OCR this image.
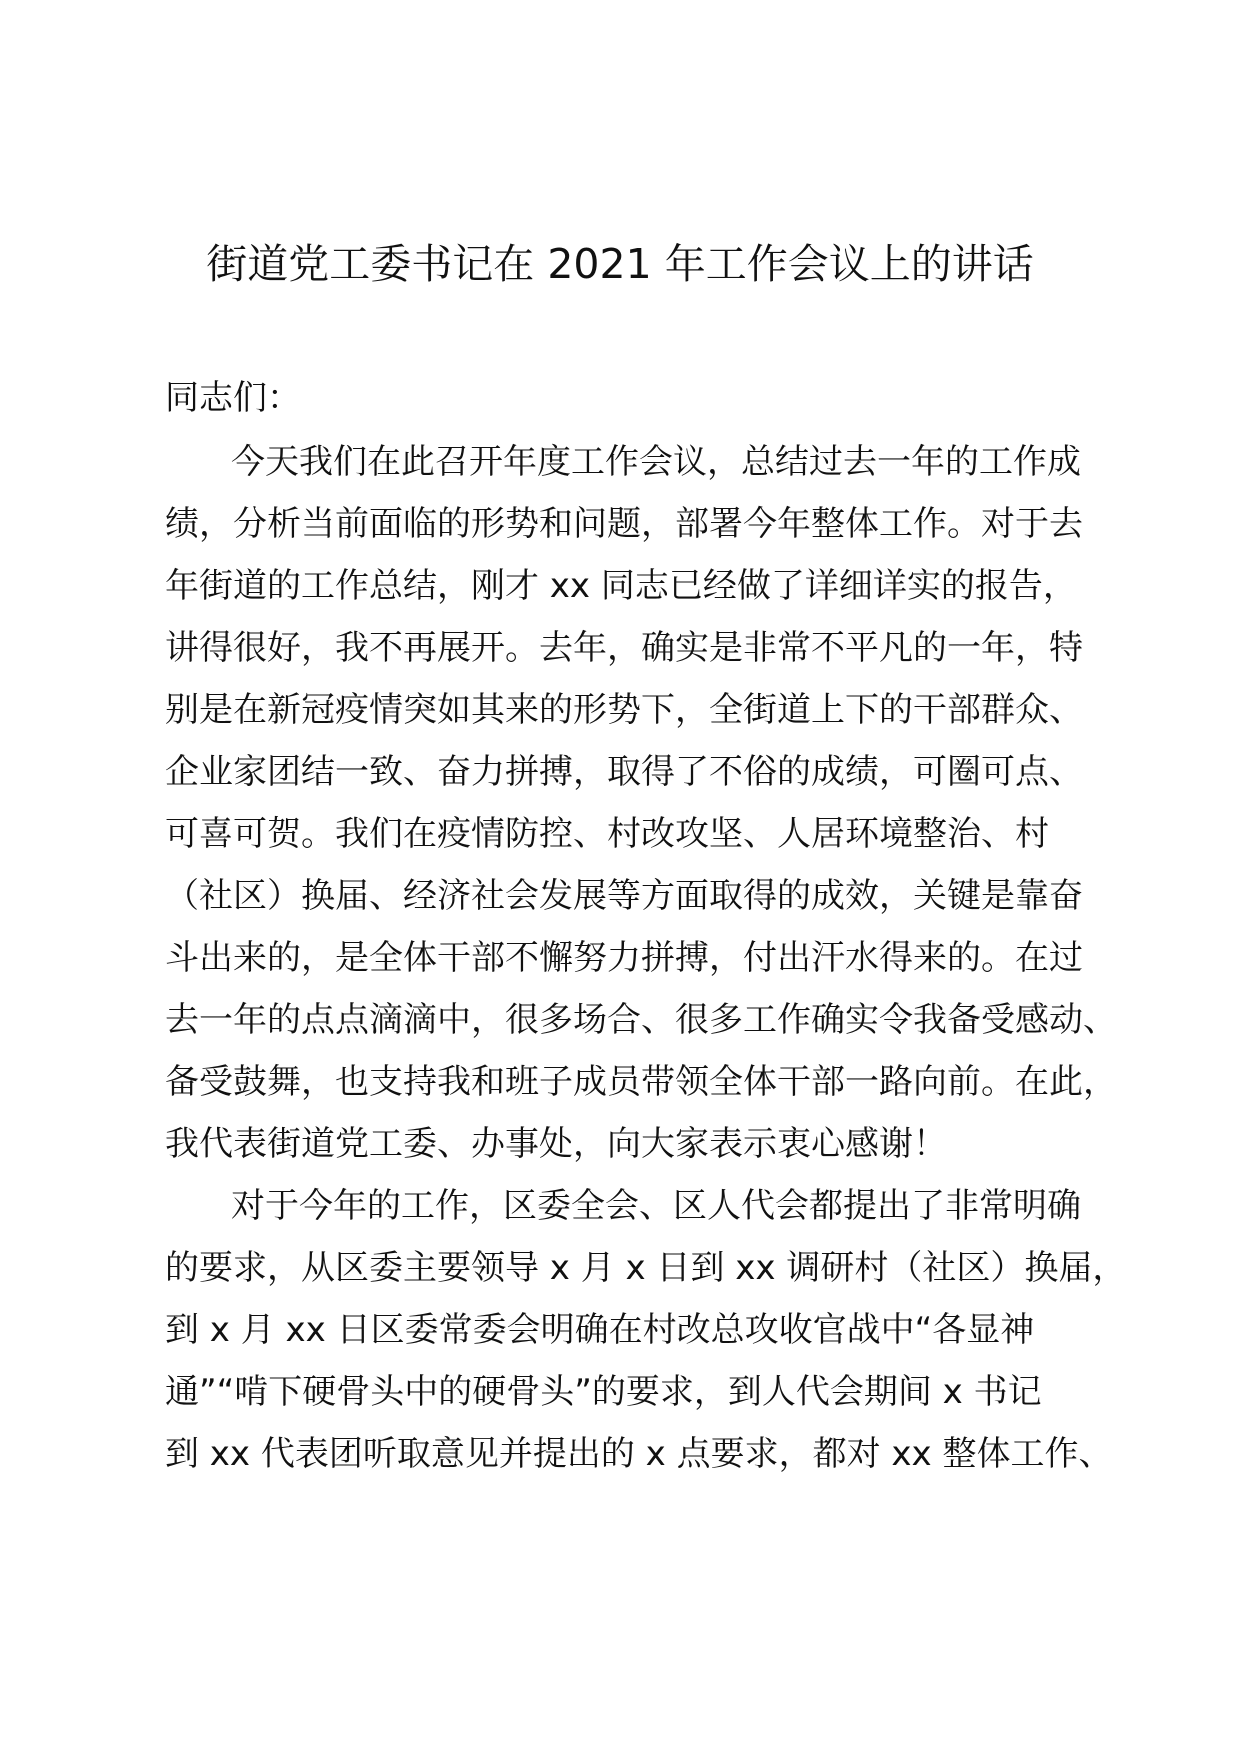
街道党工委书记在 2021 年工作会议上的讲话

同志们：

今天我们在此召开年度工作会议，总结过去一年的工作成

绩，分析当前面临的形势和问题，部署今年整体工作。对于去

年街道的工作总结，刚才 xx 同志已经做了详细详实的报告，

讲得很好，我不再展开。去年，确实是非常不平凡的一年，特

别是在新冠疫情突如其来的形势下，全街道上下的干部群众、

企业家团结一致、奋力拼搏，取得了不俗的成绩，可圈可点、

可喜可贺。我们在疫情防控、村改攻坚、人居环境整治、村

（社区）换届、经济社会发展等方面取得的成效，关键是靠奋

斗出来的，是全体干部不懈努力拼搏，付出汗水得来的。在过

去一年的点点滴滴中，很多场合、很多工作确实令我备受感动、

备受鼓舞，也支持我和班子成员带领全体干部一路向前。在此，

我代表街道党工委、办事处，向大家表示衷心感谢！

对于今年的工作，区委全会、区人代会都提出了非常明确

的要求，从区委主要领导 x 月 x 日到 xx 调研村（社区）换届，

到 x 月 xx 日区委常委会明确在村改总攻收官战中“各显神

通”“啃下硬骨头中的硬骨头”的要求，到人代会期间 x 书记

到 xx 代表团听取意见并提出的 x 点要求，都对 xx 整体工作、
